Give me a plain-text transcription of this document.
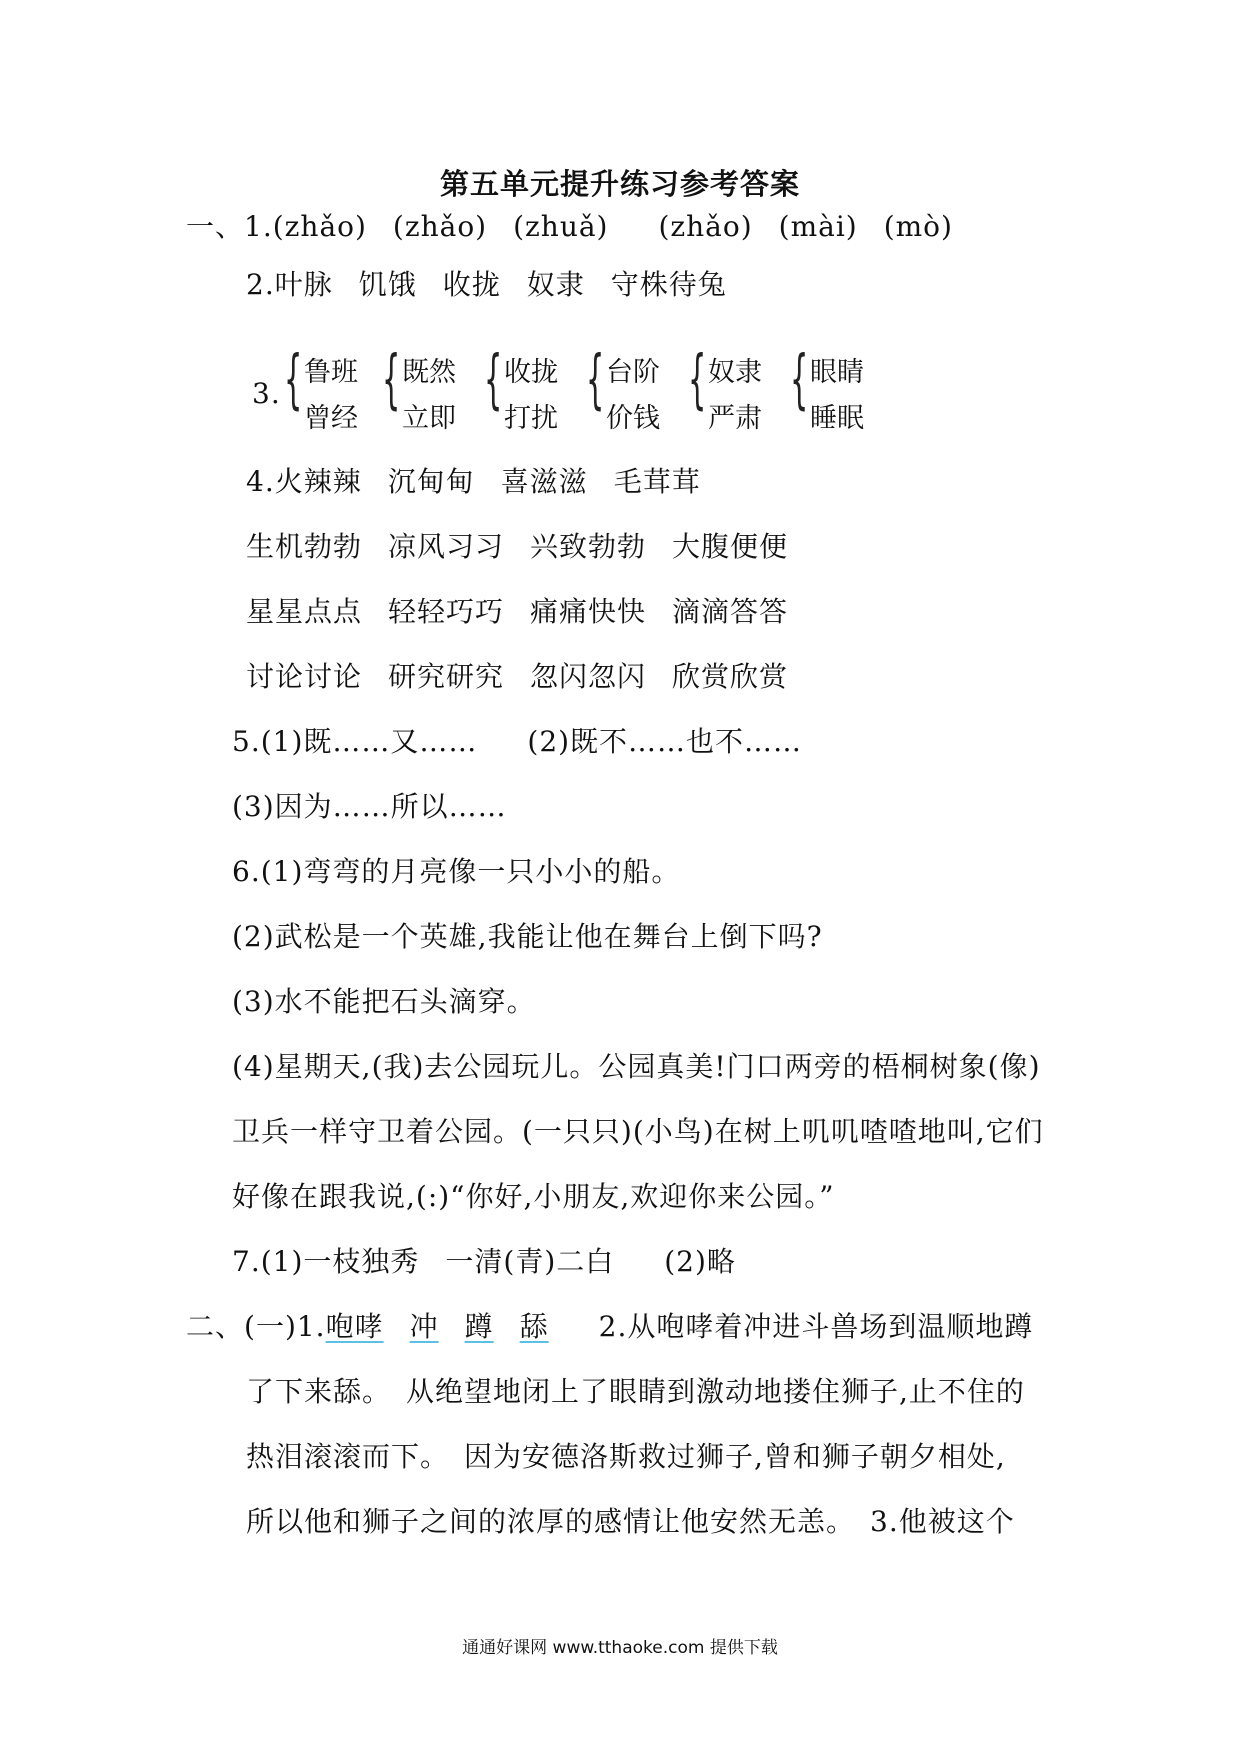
第五单元提升练习参考答案
一、1.(zhǎo) (zhǎo) (zhuǎ) (zhǎo) (mài) (mò)
2.叶脉 饥饿 收拢 奴隶 守株待兔
3. { 鲁班
曾经
{ 既然
立即
{ 收拢
打扰
{ 台阶
价钱
{ 奴隶
严肃
{ 眼睛
睡眠
4.火辣辣 沉甸甸 喜滋滋 毛茸茸
生机勃勃 凉风习习 兴致勃勃 大腹便便
星星点点 轻轻巧巧 痛痛快快 滴滴答答
讨论讨论 研究研究 忽闪忽闪 欣赏欣赏
5.(1)既……又…… (2)既不……也不……
(3)因为……所以……
6.(1)弯弯的月亮像一只小小的船。
(2)武松是一个英雄,我能让他在舞台上倒下吗?
(3)水不能把石头滴穿。
(4)星期天,(我)去公园玩儿。公园真美!门口两旁的梧桐树象(像)
卫兵一样守卫着公园。(一只只)(小鸟)在树上叽叽喳喳地叫,它们
好像在跟我说,(:)“你好,小朋友,欢迎你来公园。”
7.(1)一枝独秀 一清(青)二白 (2)略
二、(一)1.咆哮 冲 蹲 舔 2.从咆哮着冲进斗兽场到温顺地蹲
了下来舔。　从绝望地闭上了眼睛到激动地搂住狮子,止不住的
热泪滚滚而下。　因为安德洛斯救过狮子,曾和狮子朝夕相处,
所以他和狮子之间的浓厚的感情让他安然无恙。　3.他被这个
通通好课网 www.tthaoke.com 提供下载
